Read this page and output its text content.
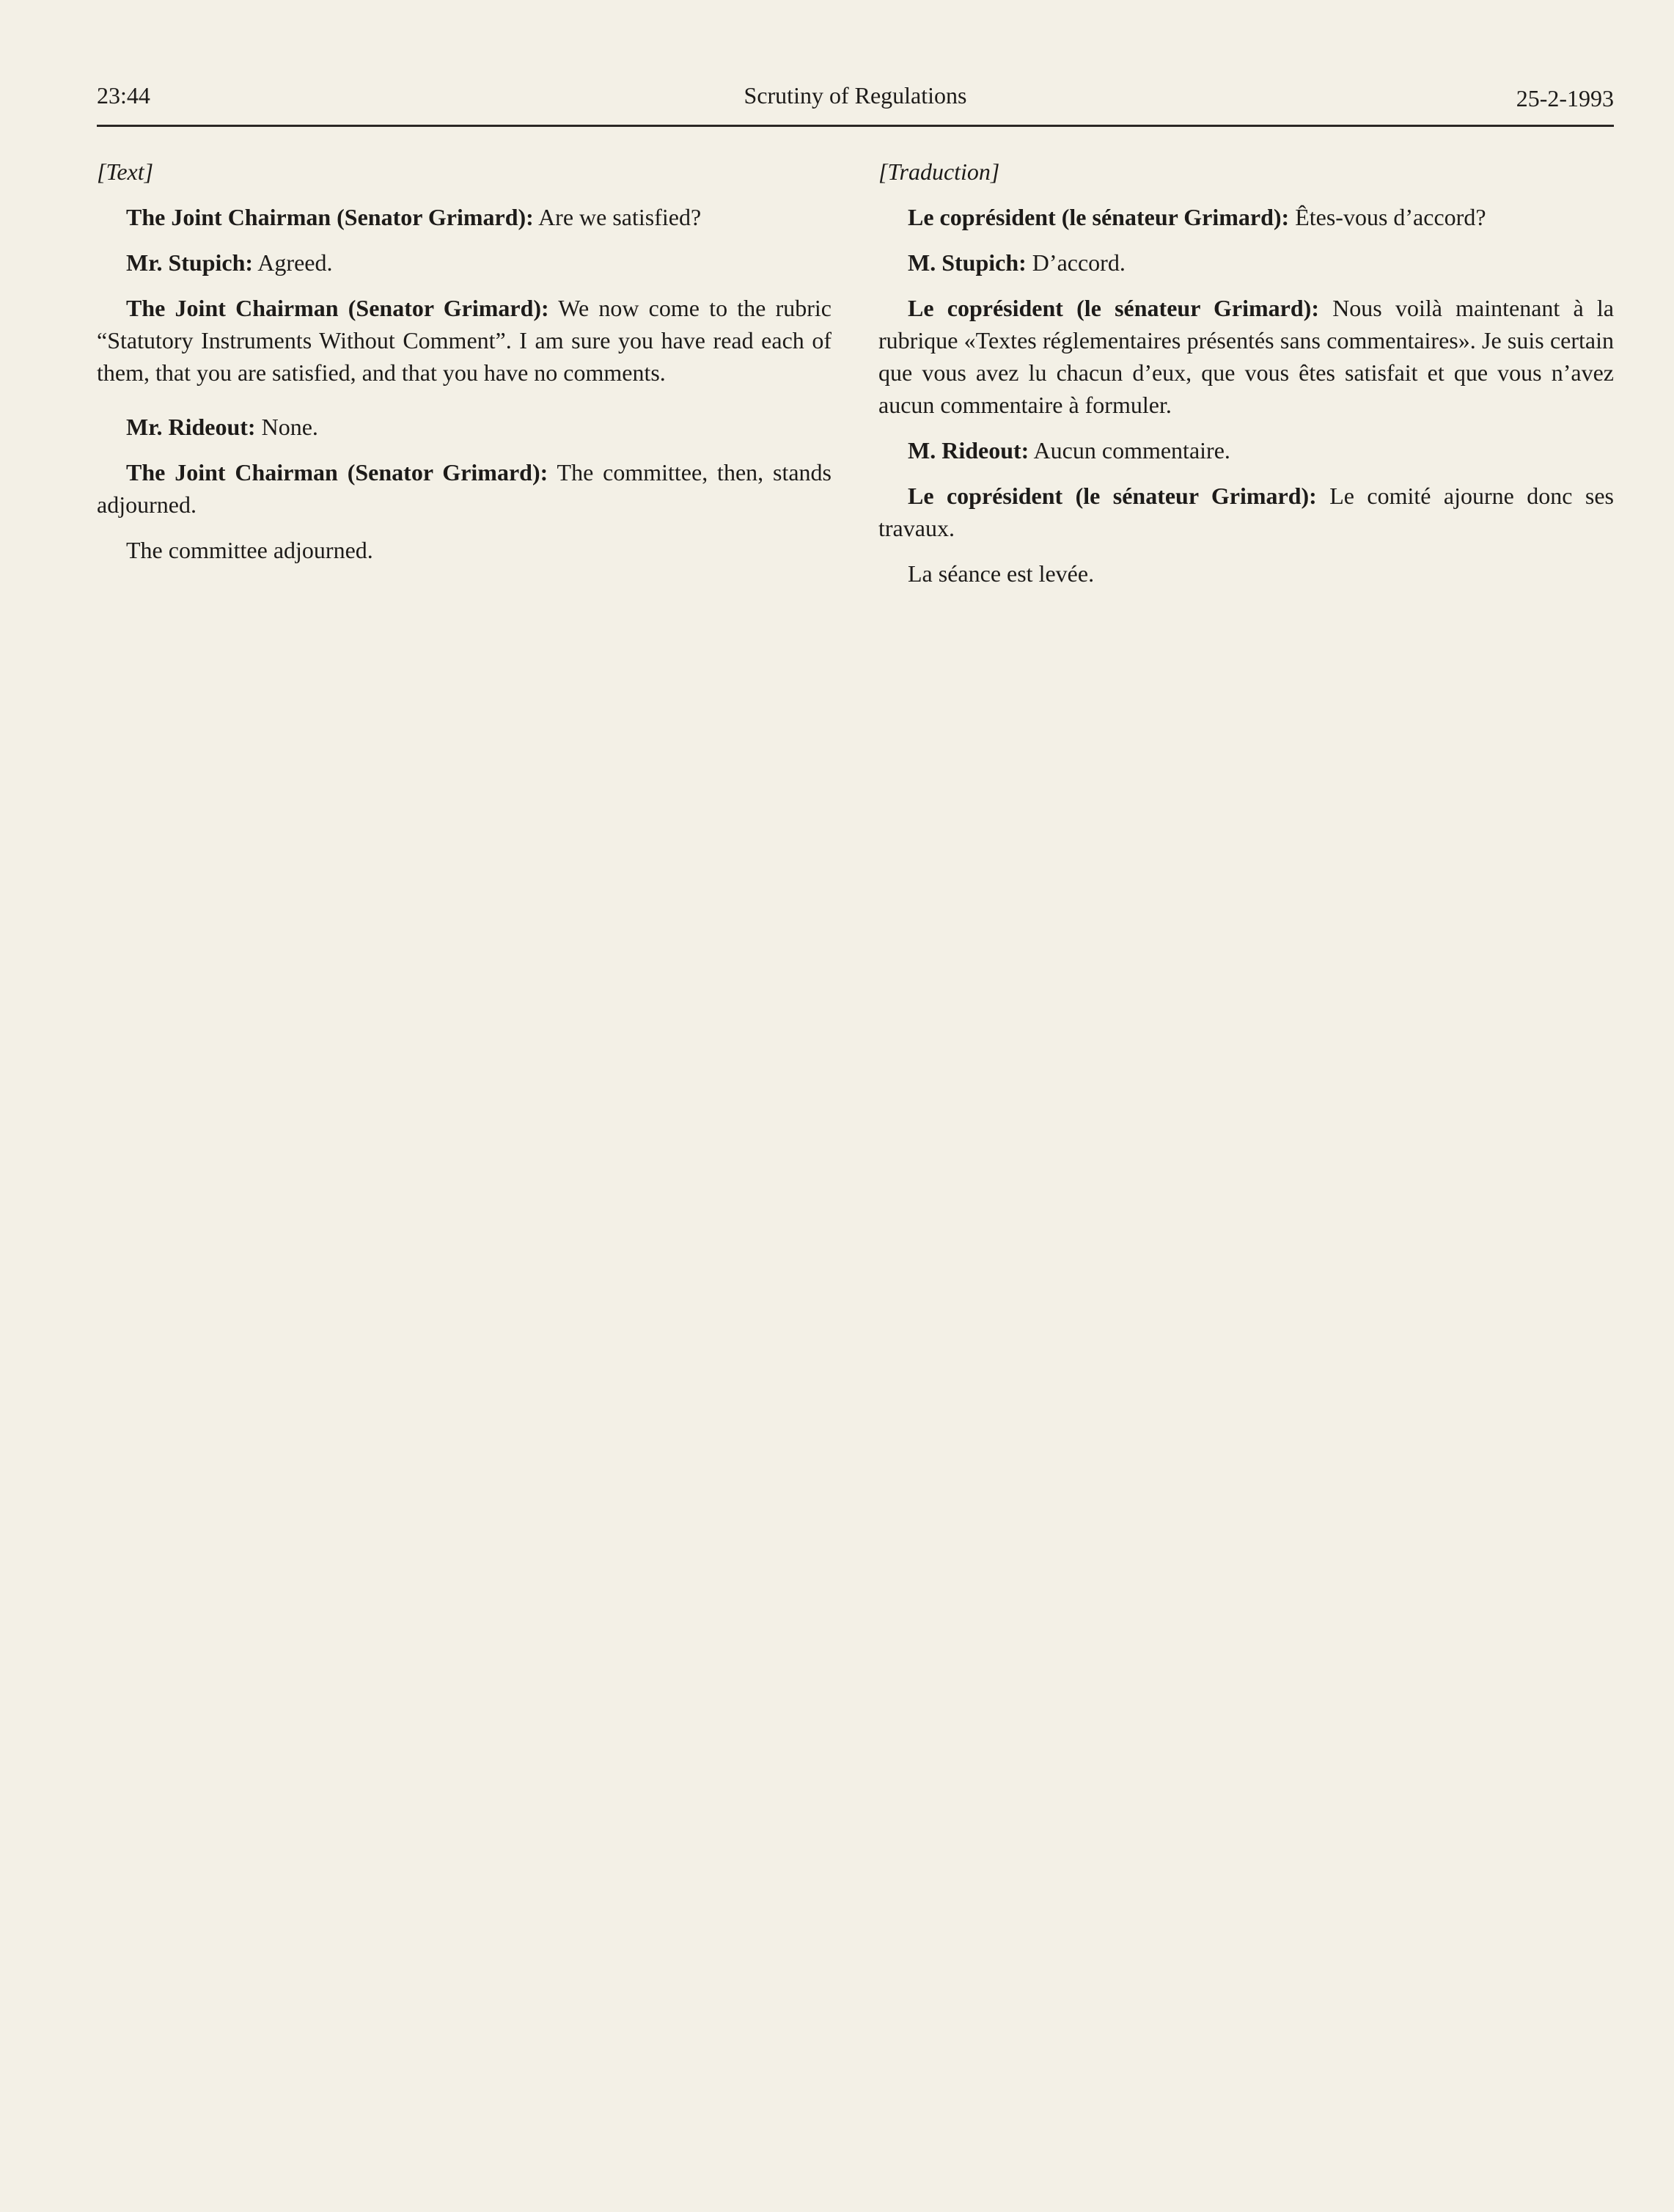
23:44	Scrutiny of Regulations	25-2-1993
[Text]

The Joint Chairman (Senator Grimard): Are we satisfied?

Mr. Stupich: Agreed.

The Joint Chairman (Senator Grimard): We now come to the rubric “Statutory Instruments Without Comment”. I am sure you have read each of them, that you are satisfied, and that you have no comments.

Mr. Rideout: None.

The Joint Chairman (Senator Grimard): The committee, then, stands adjourned.

The committee adjourned.

[Traduction]

Le coprésident (le sénateur Grimard): Êtes-vous d’accord?

M. Stupich: D’accord.

Le coprésident (le sénateur Grimard): Nous voilà maintenant à la rubrique «Textes réglementaires présentés sans commentaires». Je suis certain que vous avez lu chacun d’eux, que vous êtes satisfait et que vous n’avez aucun commentaire à formuler.

M. Rideout: Aucun commentaire.

Le coprésident (le sénateur Grimard): Le comité ajourne donc ses travaux.

La séance est levée.
